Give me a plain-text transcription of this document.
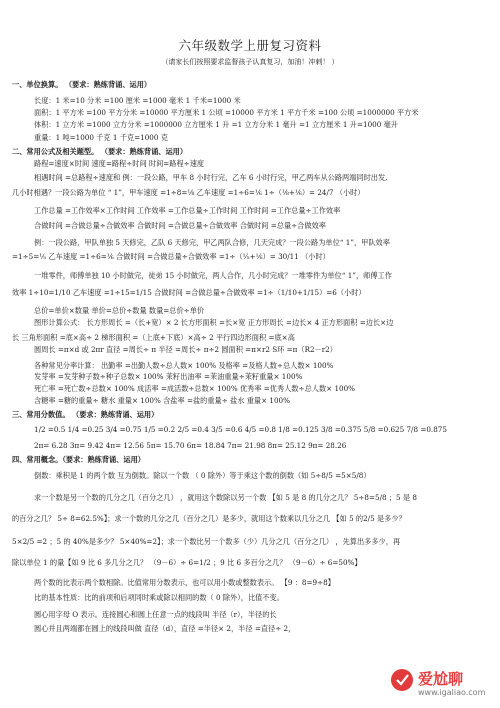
六年级数学上册复习资料
（请家长们按照要求监督孩子认真复习，加油！冲刺！ ）
一、单位换算。 （要求：熟练背诵、运用）
长度：1 米=10 分米 =100 厘米 =1000 毫米 1 千米=1000 米
面积：1 平方米 =100 平方分米 =10000 平方厘米 1 公顷 =10000 平方米 1 平方千米 =100 公顷 =1000000 平方米
体积：1 立方米 =1000 立方分米 =1000000 立方厘米 1 升 =1 立方分米 1 毫升 =1 立方厘米 1 升=1000 毫升
重量：1 吨=1000 千克 1 千克=1000 克
二、常用公式及相关题型。 （要求：熟练背诵、运用）
路程=速度×时间 速度=路程÷时间 时间=路程÷速度
相遇时间 =总路程÷速度和 例：一段公路，甲车 8 小时行完，乙车 6 小时行完，甲乙两车从公路两端同时出发,
几小时相遇？一段公路为单位 “ 1”，甲车速度 =1÷8=⅛ 乙车速度 =1÷6=⅙ 1÷（⅛+⅙）= 24/7 （小时）
工作总量 =工作效率×工作时间 工作效率 =工作总量÷工作时间 工作时间 =工作总量÷工作效率
合做时间 =合做总量÷合做效率 合做时间 =合做总量÷合做效率 合做时间 =总量÷合做效率
例：一段公路，甲队单独 5 天修完，乙队 6 天修完，甲乙两队合修，几天完成？一段公路为单位“ 1”，甲队效率
=1÷5=⅕ 乙车速度 =1÷6=⅙ 合做时间 =合做总量÷合做效率 =1÷（⅕+⅙）= 30/11 （小时）
一堆零件，师傅单独 10 小时做完，徒弟 15 小时做完，两人合作，几小时完成？一堆零件为单位“ 1”，师傅工作
效率 1÷10=1/10 乙车速度 =1÷15=1/15 合做时间 =合做总量÷合做效率 =1÷（1/10+1/15）=6（小时）
总价=单价×数量 单价=总价÷数量 数量=总价÷单价
图形计算公式： 长方形周长 =（长+宽）× 2 长方形面积 =长×宽 正方形周长 =边长× 4 正方形面积 =边长×边
长 三角形面积 =底×高÷ 2 梯形面积 =（上底+下底）×高÷ 2 平行四边形面积 =底×高
圆周长 =π×d 或 2πr 直径 =周长÷ π 半径 =周长÷ π÷2 圆面积 =π×r2 S环 =π（R2－r2）
各种常见分率计算： 出勤率 =出勤人数÷总人数× 100% 及格率 =及格人数÷总人数× 100%
发芽率 =发芽种子数÷种子总数× 100% 茉籽出油率 =茉油重量÷茉籽重量× 100%
死亡率 =死亡数÷总数× 100% 成活率 =成活数÷总数× 100% 优秀率 =优秀人数÷总人数× 100%
含糖率 =糖的重量÷ 糖水 重量× 100% 含盐率 =盐的重量÷ 盐水 重量× 100%
三、常用分数值。 （要求：熟练背诵、运用）
1/2 =0.5 1/4 =0.25 3/4 =0.75 1/5 =0.2 2/5 =0.4 3/5 =0.6 4/5 =0.8 1/8 =0.125 3/8 =0.375 5/8 =0.625 7/8 =0.875
2π= 6.28 3π= 9.42 4π= 12.56 5π= 15.70 6π= 18.84 7π= 21.98 8π= 25.12 9π= 28.26
四、常用概念。（要求：熟练背诵、运用）
倒数：乘积是 1 的两个数 互为倒数。除以一个数 （ 0 除外）等于乘这个数的倒数（如 5÷8/5 =5×5/8）
求一个数是另一个数的几分之几（百分之几） ，就用这个数除以另一个数 【如 5 是 8 的几分之几？ 5÷8=5/8 ；5 是 8
的百分之几？ 5÷ 8=62.5%】；求一个数的几分之几（百分之几）是多少，就用这个数乘以几分之几 【如 5 的2/5 是多少？
5×2/5 =2 ；5 的 40%是多少？ 5×40%=2】；求一个数比另一个数多（少）几分之几（百分之几） ，先算出多多少，再
除以单位 1 的量【如 9 比 6 多几分之几？ （9－6）÷ 6=1/2 ；9 比 6 多百分之几？ （9－6）÷ 6=50%】
两个数的比表示两个数相除。比值常用分数表示，也可以用小数或整数表示。 【9 ：8=9÷8】
比的基本性质：比的前项和后项同时乘或除以相同的数（ 0 除外），比值不变。
圆心用字母 O 表示。连接圆心和圆上任意一点的线段叫 半径（r），半径的长
圆心并且两端都在圆上的线段叫做 直径（d），直径 =半径× 2，半径 =直径÷ 2，
爱尬聊
www.igaliao.com
